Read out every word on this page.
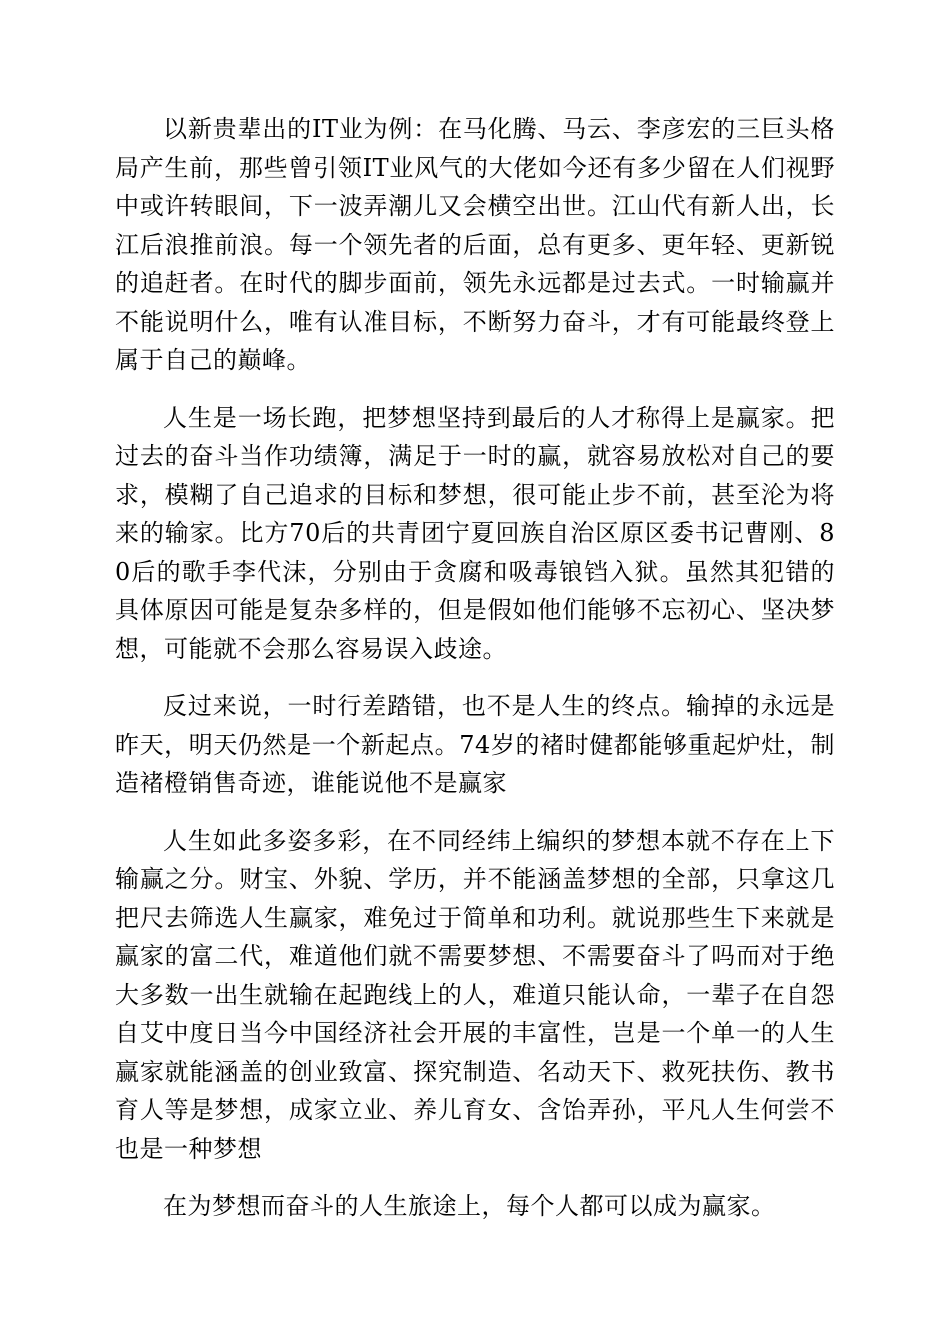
以新贵辈出的IT业为例：在马化腾、马云、李彦宏的三巨头格局产生前，那些曾引领IT业风气的大佬如今还有多少留在人们视野中或许转眼间，下一波弄潮儿又会横空出世。江山代有新人出，长江后浪推前浪。每一个领先者的后面，总有更多、更年轻、更新锐的追赶者。在时代的脚步面前，领先永远都是过去式。一时输赢并不能说明什么，唯有认准目标，不断努力奋斗，才有可能最终登上属于自己的巅峰。

人生是一场长跑，把梦想坚持到最后的人才称得上是赢家。把过去的奋斗当作功绩簿，满足于一时的赢，就容易放松对自己的要求，模糊了自己追求的目标和梦想，很可能止步不前，甚至沦为将来的输家。比方70后的共青团宁夏回族自治区原区委书记曹刚、80后的歌手李代沫，分别由于贪腐和吸毒锒铛入狱。虽然其犯错的具体原因可能是复杂多样的，但是假如他们能够不忘初心、坚决梦想，可能就不会那么容易误入歧途。

反过来说，一时行差踏错，也不是人生的终点。输掉的永远是昨天，明天仍然是一个新起点。74岁的褚时健都能够重起炉灶，制造褚橙销售奇迹，谁能说他不是赢家

人生如此多姿多彩，在不同经纬上编织的梦想本就不存在上下输赢之分。财宝、外貌、学历，并不能涵盖梦想的全部，只拿这几把尺去筛选人生赢家，难免过于简单和功利。就说那些生下来就是赢家的富二代，难道他们就不需要梦想、不需要奋斗了吗而对于绝大多数一出生就输在起跑线上的人，难道只能认命，一辈子在自怨自艾中度日当今中国经济社会开展的丰富性，岂是一个单一的人生赢家就能涵盖的创业致富、探究制造、名动天下、救死扶伤、教书育人等是梦想，成家立业、养儿育女、含饴弄孙，平凡人生何尝不也是一种梦想

在为梦想而奋斗的人生旅途上，每个人都可以成为赢家。
